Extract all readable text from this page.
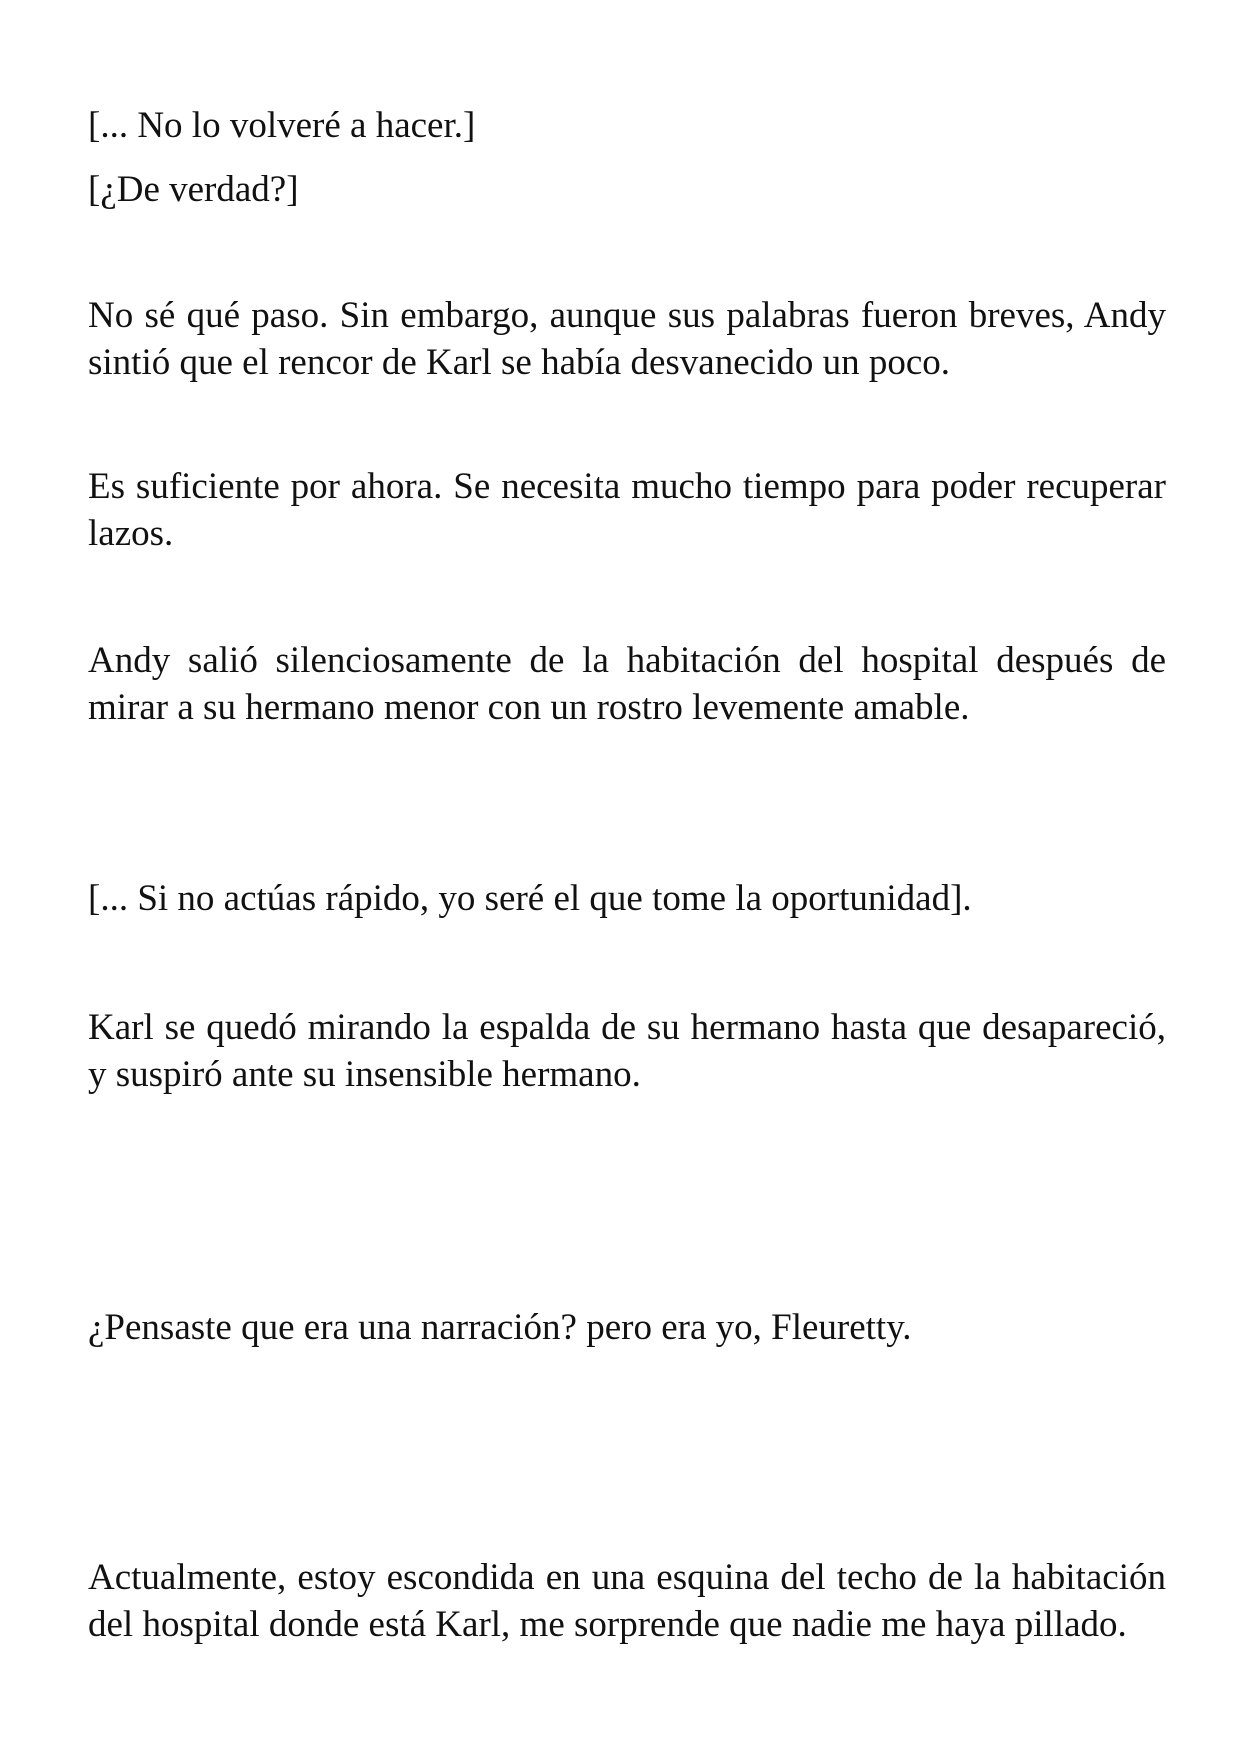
[... No lo volveré a hacer.]

[¿De verdad?]

No sé qué paso. Sin embargo, aunque sus palabras fueron breves, Andy sintió que el rencor de Karl se había desvanecido un poco.

Es suficiente por ahora. Se necesita mucho tiempo para poder recuperar lazos.

Andy salió silenciosamente de la habitación del hospital después de mirar a su hermano menor con un rostro levemente amable.

[... Si no actúas rápido, yo seré el que tome la oportunidad].

Karl se quedó mirando la espalda de su hermano hasta que desapareció, y suspiró ante su insensible hermano.

¿Pensaste que era una narración? pero era yo, Fleuretty.

Actualmente, estoy escondida en una esquina del techo de la habitación del hospital donde está Karl, me sorprende que nadie me haya pillado.
